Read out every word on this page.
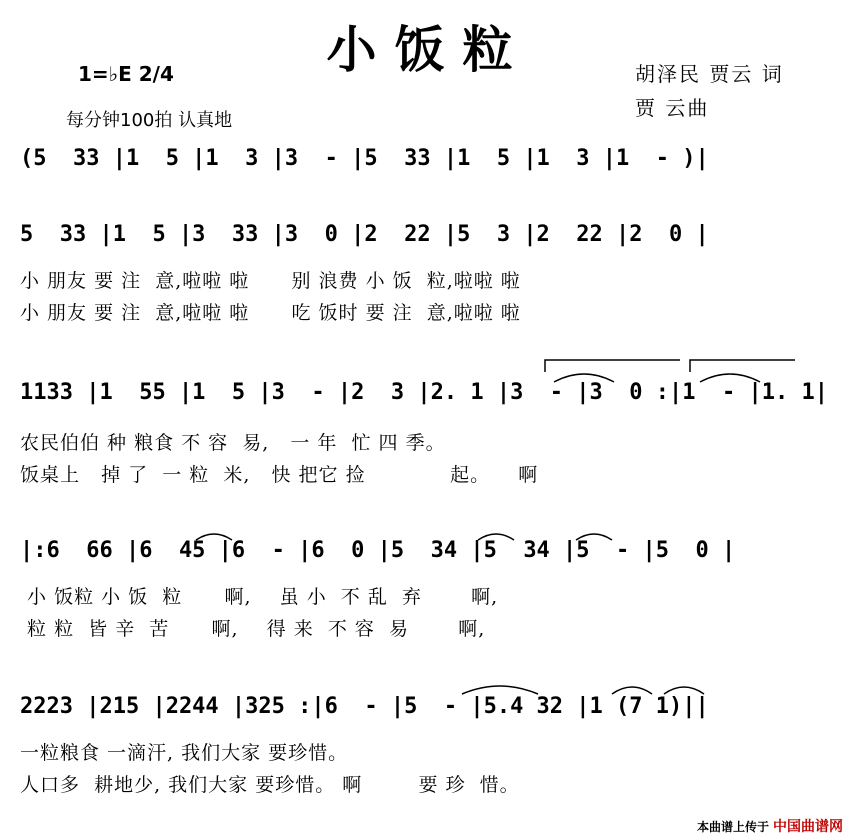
小饭粒
1=♭E 2/4
每分钟100拍 认真地
胡泽民 贾云 词
贾 云曲
(5  33 |1  5 |1  3 |3  - |5  33 |1  5 |1  3 |1  - )|
5  33 |1  5 |3  33 |3  0 |2  22 |5  3 |2  22 |2  0 |
小 朋友 要 注  意,啦啦 啦      别 浪费 小 饭  粒,啦啦 啦
小 朋友 要 注  意,啦啦 啦      吃 饭时 要 注  意,啦啦 啦
1133 |1  55 |1  5 |3  - |2  3 |2. 1 |3  - |3  0 :|1  - |1. 1|
农民伯伯 种 粮食 不 容  易,   一 年  忙 四 季。
饭桌上   掉 了  一 粒  米,   快 把它 捡            起。    啊
|:6  66 |6  45 |6  - |6  0 |5  34 |5  34 |5  - |5  0 |
小 饭粒 小 饭  粒      啊,    虽 小  不 乱  弃       啊,
粒 粒  皆 辛  苦      啊,    得 来  不 容  易       啊,
2223 |215 |2244 |325 :|6  - |5  - |5.4 32 |1 (7 1)||
一粒粮食 一滴汗, 我们大家 要珍惜。
人口多  耕地少, 我们大家 要珍惜。 啊        要 珍  惜。
本曲谱上传于 中国曲谱网
